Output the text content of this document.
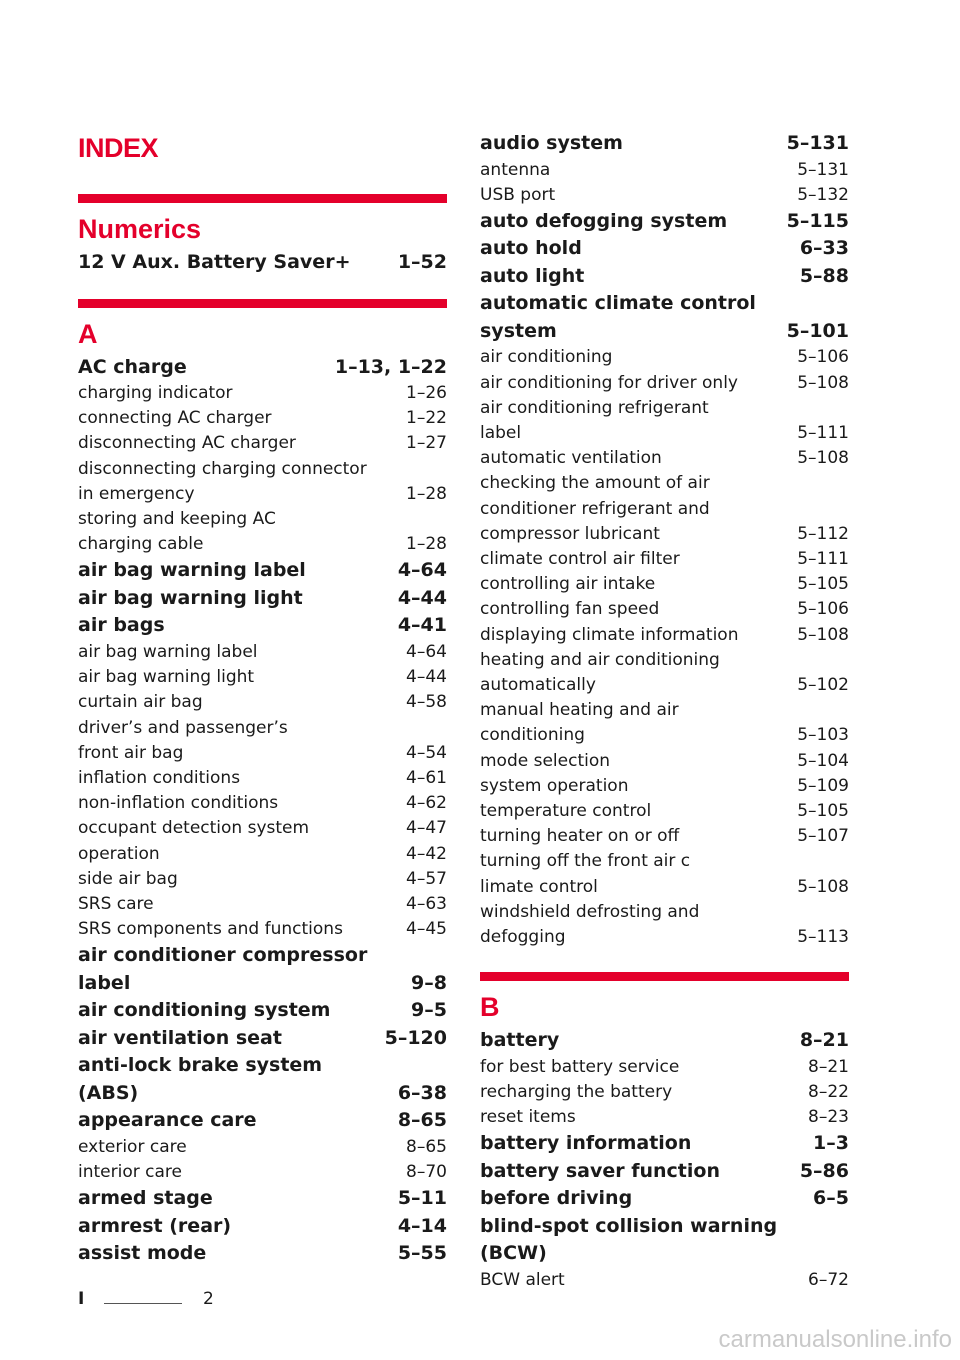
INDEX
Numerics
12 V Aux. Battery Saver+	1–52
A
AC charge	1–13, 1–22
charging indicator	1–26
connecting AC charger	1–22
disconnecting AC charger	1–27
disconnecting charging connector
in emergency	1–28
storing and keeping AC
charging cable	1–28
air bag warning label	4–64
air bag warning light	4–44
air bags	4–41
air bag warning label	4–64
air bag warning light	4–44
curtain air bag	4–58
driver’s and passenger’s
front air bag	4–54
inflation conditions	4–61
non-inflation conditions	4–62
occupant detection system	4–47
operation	4–42
side air bag	4–57
SRS care	4–63
SRS components and functions	4–45
air conditioner compressor
label	9–8
air conditioning system	9–5
air ventilation seat	5–120
anti-lock brake system
(ABS)	6–38
appearance care	8–65
exterior care	8–65
interior care	8–70
armed stage	5–11
armrest (rear)	4–14
assist mode	5–55
audio system	5–131
antenna	5–131
USB port	5–132
auto defogging system	5–115
auto hold	6–33
auto light	5–88
automatic climate control
system	5–101
air conditioning	5–106
air conditioning for driver only	5–108
air conditioning refrigerant
label	5–111
automatic ventilation	5–108
checking the amount of air
conditioner refrigerant and
compressor lubricant	5–112
climate control air filter	5–111
controlling air intake	5–105
controlling fan speed	5–106
displaying climate information	5–108
heating and air conditioning
automatically	5–102
manual heating and air
conditioning	5–103
mode selection	5–104
system operation	5–109
temperature control	5–105
turning heater on or off	5–107
turning off the front air c
limate control	5–108
windshield defrosting and
defogging	5–113
B
battery	8–21
for best battery service	8–21
recharging the battery	8–22
reset items	8–23
battery information	1–3
battery saver function	5–86
before driving	6–5
blind-spot collision warning (BCW)
BCW alert	6–72
I	2
carmanualsonline.info
